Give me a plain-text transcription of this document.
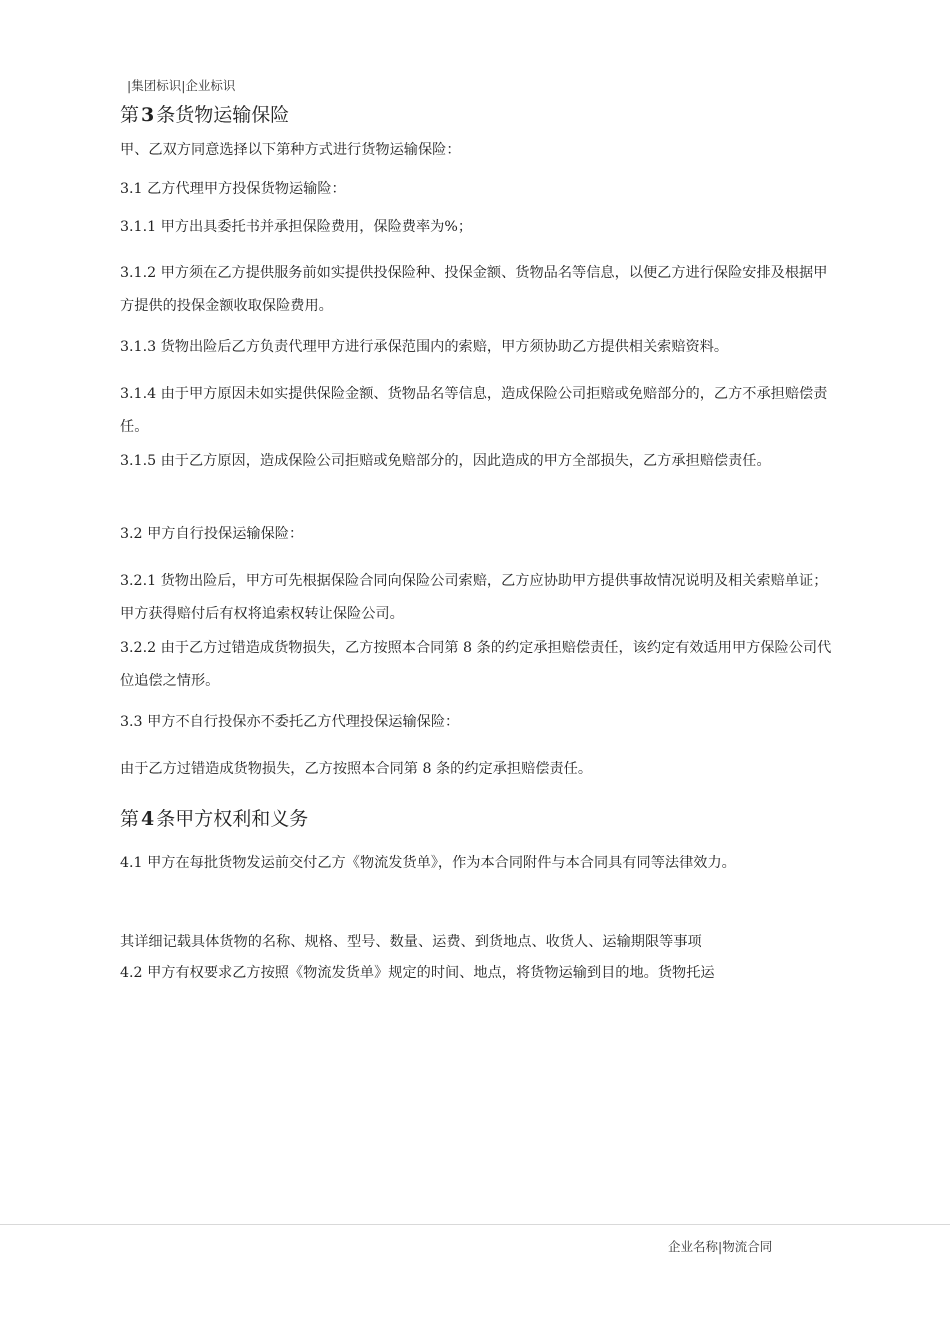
|集团标识|企业标识
第 3 条货物运输保险
甲、乙双方同意选择以下第种方式进行货物运输保险：
3.1 乙方代理甲方投保货物运输险：
3.1.1 甲方出具委托书并承担保险费用，保险费率为%；
3.1.2 甲方须在乙方提供服务前如实提供投保险种、投保金额、货物品名等信息，以便乙方进行保险安排及根据甲方提供的投保金额收取保险费用。
3.1.3 货物出险后乙方负责代理甲方进行承保范围内的索赔，甲方须协助乙方提供相关索赔资料。
3.1.4 由于甲方原因未如实提供保险金额、货物品名等信息，造成保险公司拒赔或免赔部分的，乙方不承担赔偿责任。
3.1.5 由于乙方原因，造成保险公司拒赔或免赔部分的，因此造成的甲方全部损失，乙方承担赔偿责任。
3.2 甲方自行投保运输保险：
3.2.1 货物出险后，甲方可先根据保险合同向保险公司索赔，乙方应协助甲方提供事故情况说明及相关索赔单证；甲方获得赔付后有权将追索权转让保险公司。
3.2.2 由于乙方过错造成货物损失，乙方按照本合同第 8 条的约定承担赔偿责任，该约定有效适用甲方保险公司代位追偿之情形。
3.3 甲方不自行投保亦不委托乙方代理投保运输保险：
由于乙方过错造成货物损失，乙方按照本合同第 8 条的约定承担赔偿责任。
第 4 条甲方权利和义务
4.1 甲方在每批货物发运前交付乙方《物流发货单》，作为本合同附件与本合同具有同等法律效力。
其详细记载具体货物的名称、规格、型号、数量、运费、到货地点、收货人、运输期限等事项
4.2 甲方有权要求乙方按照《物流发货单》规定的时间、地点，将货物运输到目的地。货物托运
企业名称|物流合同
